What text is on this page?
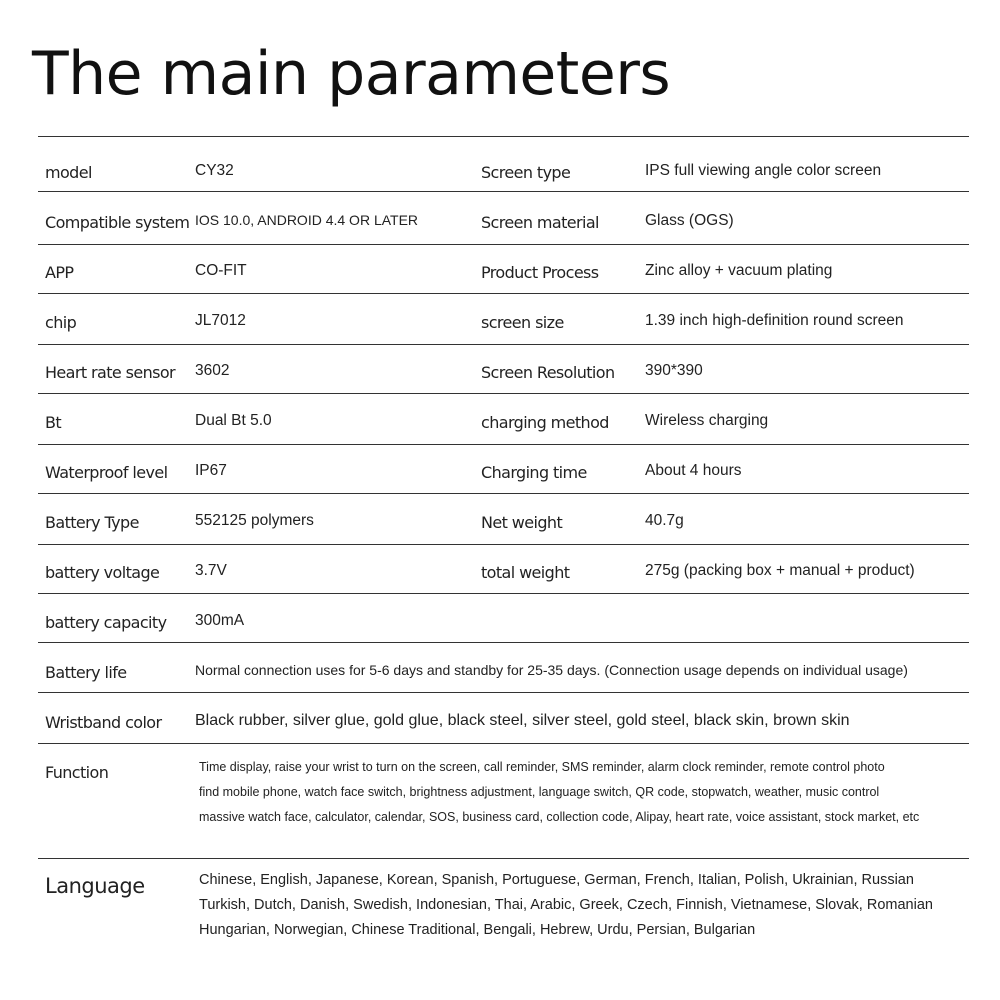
The main parameters
model	CY32	Screen type	IPS full viewing angle color screen
Compatible system IOS 10.0, ANDROID 4.4 OR LATER	Screen material	Glass (OGS)
APP	CO-FIT	Product Process	Zinc alloy + vacuum plating
chip	JL7012	screen size	1.39 inch high-definition round screen
Heart rate sensor 3602	Screen Resolution 390*390
Bt	Dual Bt 5.0	charging method Wireless charging
Waterproof level IP67	Charging time	About 4 hours
Battery Type	552125 polymers	Net weight	40.7g
battery voltage 3.7V	total weight	275g (packing box + manual + product)
battery capacity 300mA
Battery life	Normal connection uses for 5-6 days and standby for 25-35 days. (Connection usage depends on individual usage)
Wristband color Black rubber, silver glue, gold glue, black steel, silver steel, gold steel, black skin, brown skin
Function	Time display, raise your wrist to turn on the screen, call reminder, SMS reminder, alarm clock reminder, remote control photo
find mobile phone, watch face switch, brightness adjustment, language switch, QR code, stopwatch, weather, music control
massive watch face, calculator, calendar, SOS, business card, collection code, Alipay, heart rate, voice assistant, stock market, etc
Language	Chinese, English, Japanese, Korean, Spanish, Portuguese, German, French, Italian, Polish, Ukrainian, Russian
Turkish, Dutch, Danish, Swedish, Indonesian, Thai, Arabic, Greek, Czech, Finnish, Vietnamese, Slovak, Romanian
Hungarian, Norwegian, Chinese Traditional, Bengali, Hebrew, Urdu, Persian, Bulgarian
